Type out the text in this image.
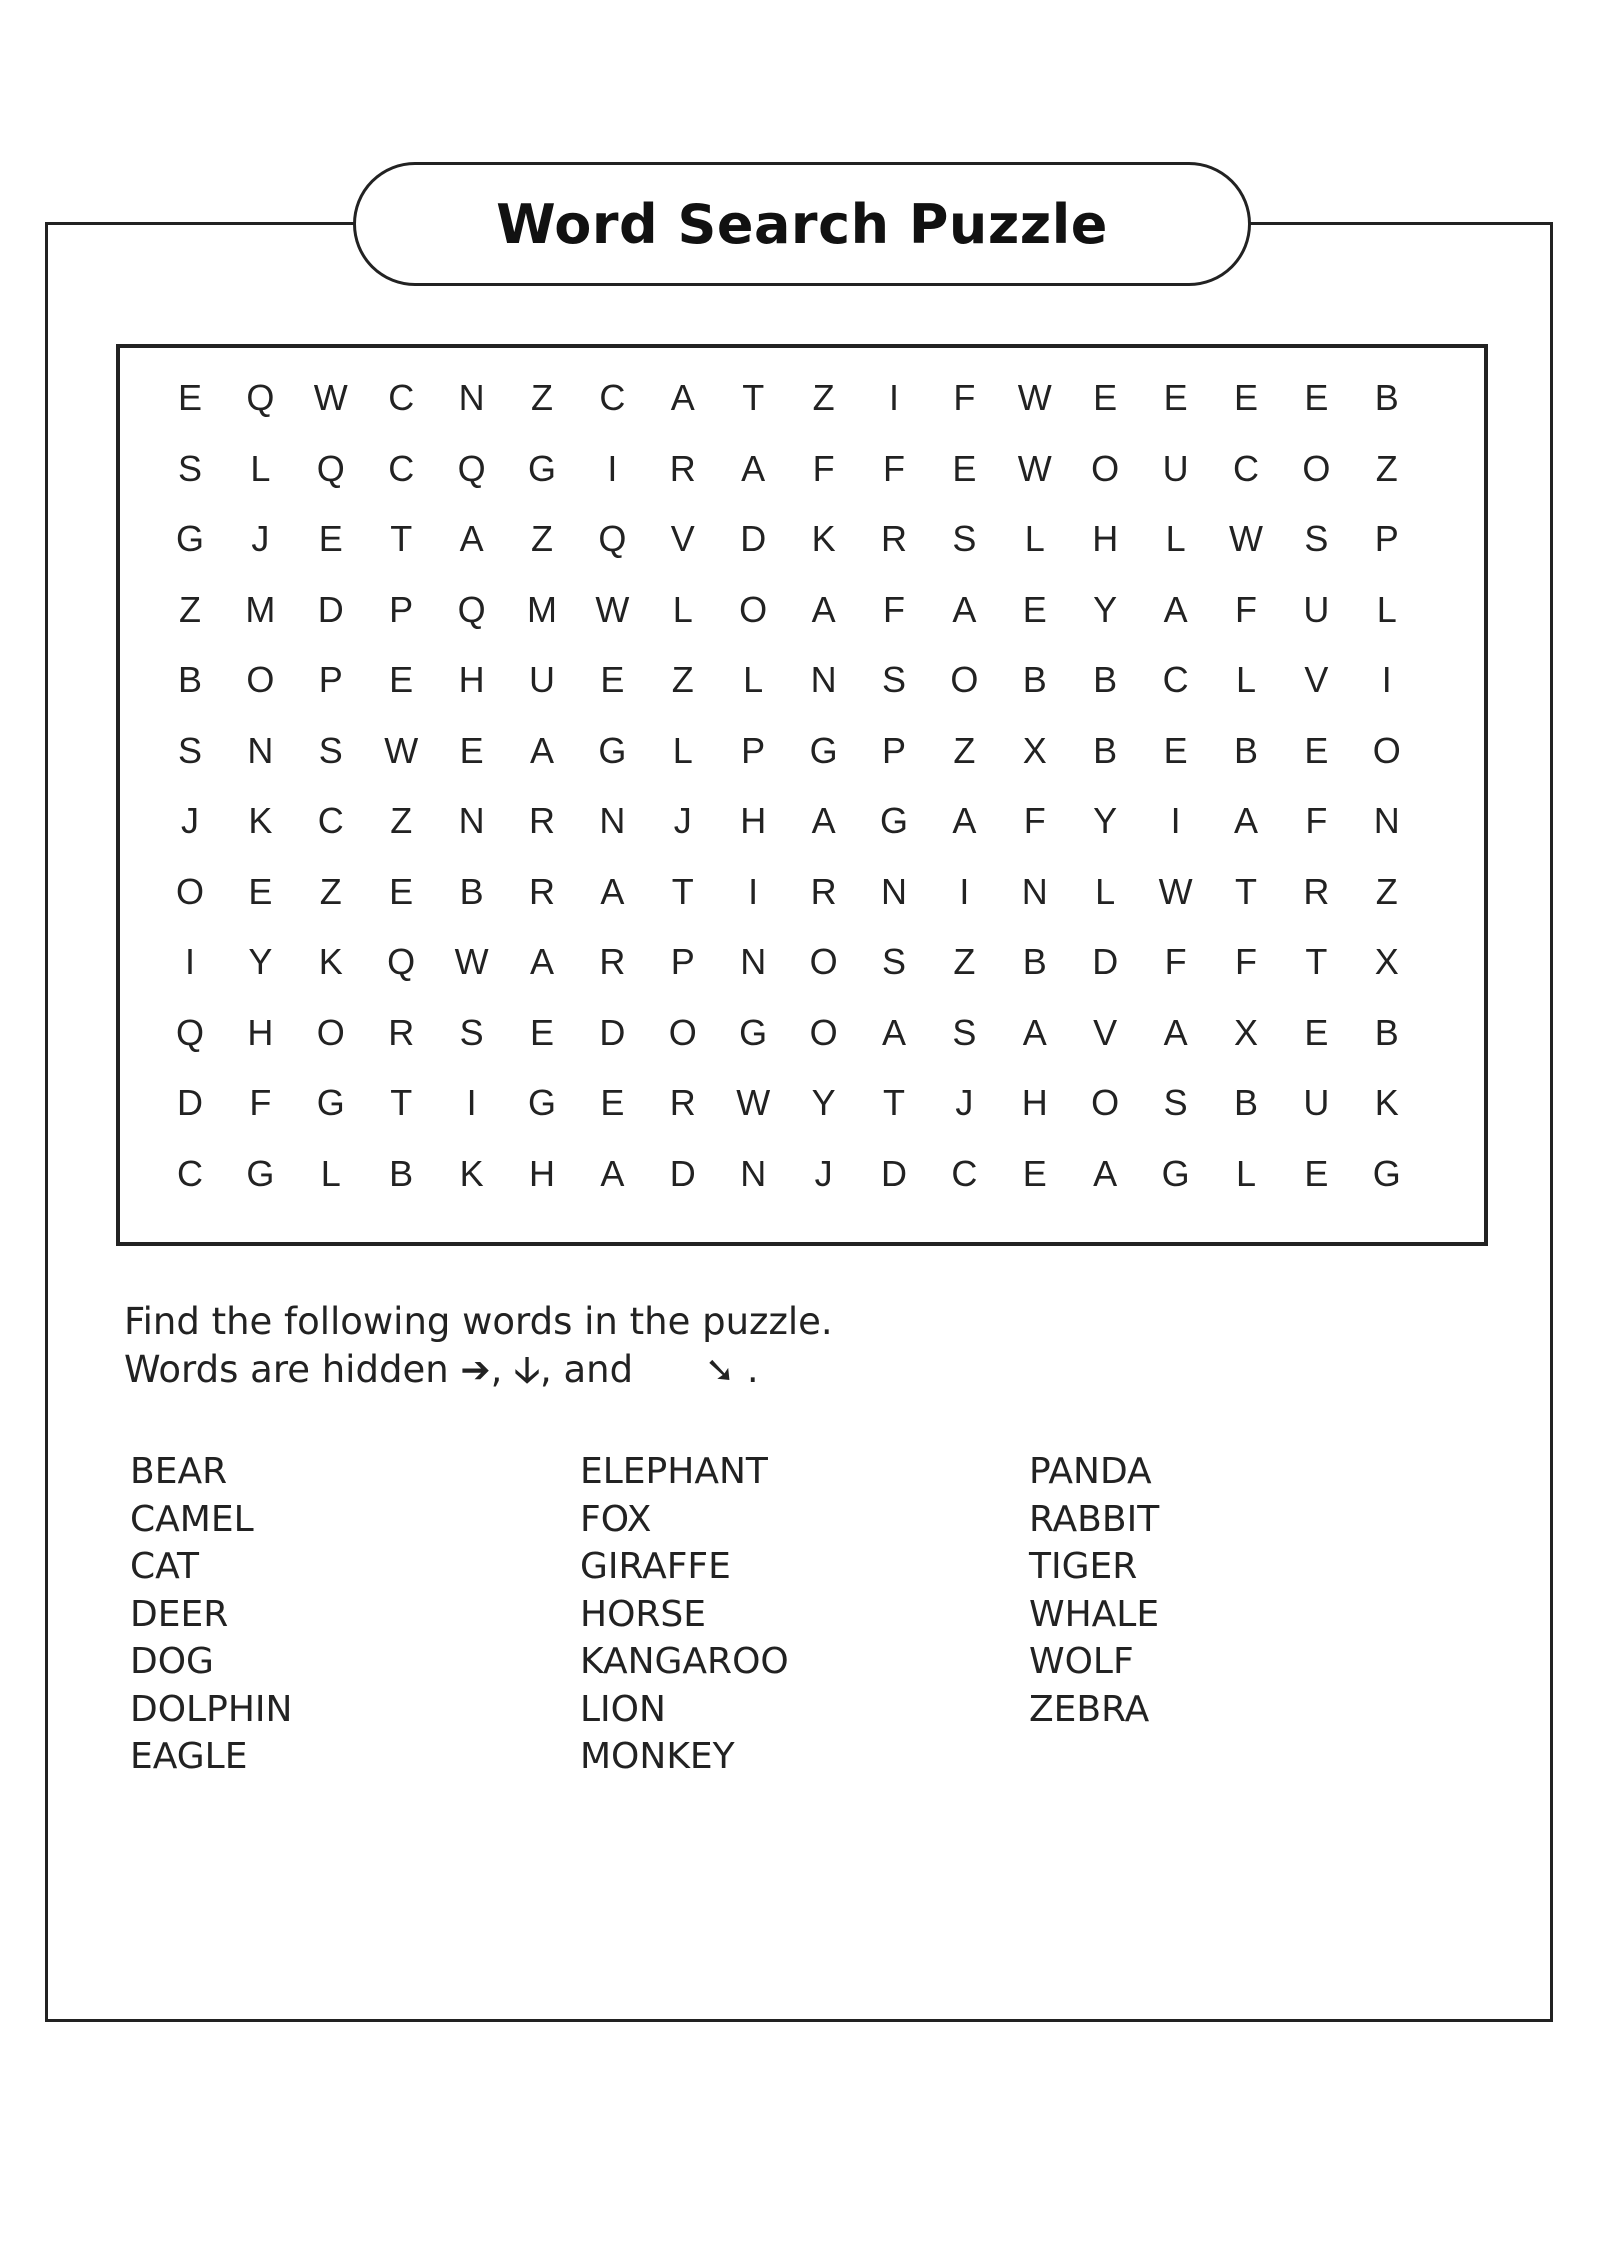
Word Search Puzzle
E	Q	W	C	N	Z	C	A	T	Z	I	F	W	E	E	E	E	B
S	L	Q	C	Q	G	I	R	A	F	F	E	W	O	U	C	O	Z
G	J	E	T	A	Z	Q	V	D	K	R	S	L	H	L	W	S	P
Z	M	D	P	Q	M	W	L	O	A	F	A	E	Y	A	F	U	L
B	O	P	E	H	U	E	Z	L	N	S	O	B	B	C	L	V	I
S	N	S	W	E	A	G	L	P	G	P	Z	X	B	E	B	E	O
J	K	C	Z	N	R	N	J	H	A	G	A	F	Y	I	A	F	N
O	E	Z	E	B	R	A	T	I	R	N	I	N	L	W	T	R	Z
I	Y	K	Q	W	A	R	P	N	O	S	Z	B	D	F	F	T	X
Q	H	O	R	S	E	D	O	G	O	A	S	A	V	A	X	E	B
D	F	G	T	I	G	E	R	W	Y	T	J	H	O	S	B	U	K
C	G	L	B	K	H	A	D	N	J	D	C	E	A	G	L	E	G
Find the following words in the puzzle.
Words are hidden ➔, 🡣, and ➘ .
BEAR
CAMEL
CAT
DEER
DOG
DOLPHIN
EAGLE
ELEPHANT
FOX
GIRAFFE
HORSE
KANGAROO
LION
MONKEY
PANDA
RABBIT
TIGER
WHALE
WOLF
ZEBRA
